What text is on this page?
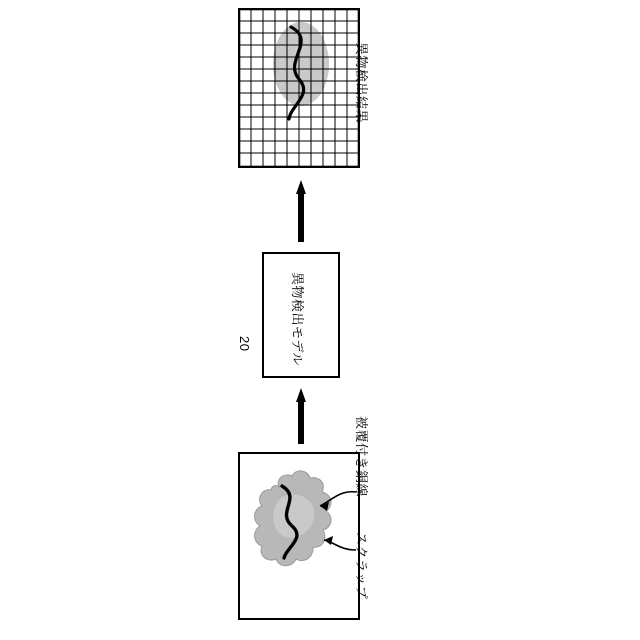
異物検出結果
異物検出モデル
20
被覆付き銅線
スクラップ
